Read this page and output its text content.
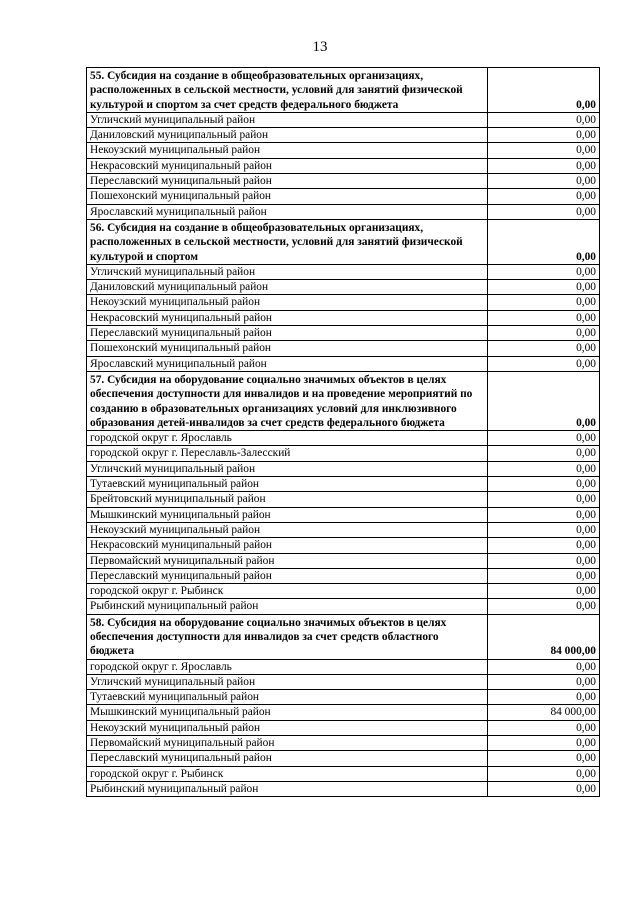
13
55. Субсидия на создание в общеобразовательных организациях, расположенных в сельской местности, условий для занятий физической культурой и спортом за счет средств федерального бюджета	0,00
Угличский муниципальный район	0,00
Даниловский муниципальный район	0,00
Некоузский муниципальный район	0,00
Некрасовский муниципальный район	0,00
Переславский муниципальный район	0,00
Пошехонский муниципальный район	0,00
Ярославский муниципальный район	0,00
56. Субсидия на создание в общеобразовательных организациях, расположенных в сельской местности, условий для занятий физической культурой и спортом	0,00
Угличский муниципальный район	0,00
Даниловский муниципальный район	0,00
Некоузский муниципальный район	0,00
Некрасовский муниципальный район	0,00
Переславский муниципальный район	0,00
Пошехонский муниципальный район	0,00
Ярославский муниципальный район	0,00
57. Субсидия на оборудование социально значимых объектов в целях обеспечения доступности для инвалидов и на проведение мероприятий по созданию в образовательных организациях условий для инклюзивного образования детей-инвалидов за счет средств федерального бюджета	0,00
городской округ г. Ярославль	0,00
городской округ г. Переславль-Залесский	0,00
Угличский муниципальный район	0,00
Тутаевский муниципальный район	0,00
Брейтовский муниципальный район	0,00
Мышкинский муниципальный район	0,00
Некоузский муниципальный район	0,00
Некрасовский муниципальный район	0,00
Первомайский муниципальный район	0,00
Переславский муниципальный район	0,00
городской округ г. Рыбинск	0,00
Рыбинский муниципальный район	0,00
58. Субсидия на оборудование социально значимых объектов в целях обеспечения доступности для инвалидов за счет средств областного бюджета	84 000,00
городской округ г. Ярославль	0,00
Угличский муниципальный район	0,00
Тутаевский муниципальный район	0,00
Мышкинский муниципальный район	84 000,00
Некоузский муниципальный район	0,00
Первомайский муниципальный район	0,00
Переславский муниципальный район	0,00
городской округ г. Рыбинск	0,00
Рыбинский муниципальный район	0,00
